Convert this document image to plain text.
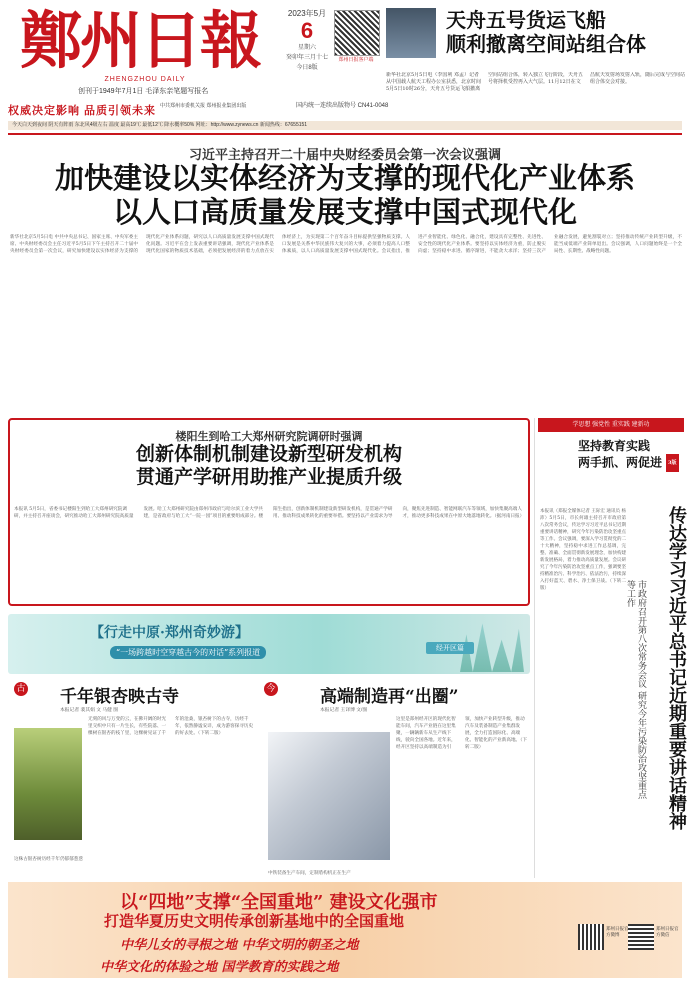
鄭州日報
ZHENGZHOU DAILY
创刊于1949年7月1日 毛泽东亲笔题写报名
2023年5月
6
星期六
癸卯年三月十七
今日8版
郑州日报客户端
天舟五号货运飞船
顺利撤离空间站组合体
新华社北京5月5日电（李国利 邓孟）记者从中国载人航天工程办公室获悉，北京时间5月5日10时26分，天舟五号货运飞船撤离空间站组合体，转入独立飞行阶段，天舟五号将择机受控再入大气层。11月12日在文昌航天发射场发射入轨，随后完成与空间站组合体交会对接。
权威决定影响 品质引领未来 中共郑州市委机关报 郑州报业集团出版	国内统一连续出版物号 CN41-0048
今天白天到夜间 阴天有阵雨 东北风4级左右 温度 最高19℃ 最低12℃ 降水概率50% 网址：http://www.zynews.cn 新闻热线：67655151
习近平主持召开二十届中央财经委员会第一次会议强调
加快建设以实体经济为支撑的现代化产业体系
以人口高质量发展支撑中国式现代化
新华社北京5月5日电 中共中央总书记、国家主席、中央军委主席、中央财经委员会主任习近平5月5日下午主持召开二十届中央财经委员会第一次会议，研究加快建设以实体经济为支撑的现代化产业体系问题，研究以人口高质量发展支撑中国式现代化问题。习近平在会上发表重要讲话强调，现代化产业体系是现代化国家的物质技术基础，必须把发展经济的着力点放在实体经济上，为实现第二个百年奋斗目标提供坚强物质支撑。人口发展是关系中华民族伟大复兴的大事，必须着力提高人口整体素质，以人口高质量发展支撑中国式现代化。会议指出，推进产业智能化、绿色化、融合化，建设具有完整性、先进性、安全性的现代化产业体系。要坚持以实体经济为重，防止脱实向虚；坚持稳中求进、循序渐进，不能贪大求洋；坚持三次产业融合发展，避免割裂对立；坚持推动传统产业转型升级，不能当成低端产业简单退出。会议强调，人口问题始终是一个全局性、长期性、战略性问题。
楼阳生到哈工大郑州研究院调研时强调
创新体制机制建设新型研发机构
贯通产学研用助推产业提质升级
本报讯 5月5日，省委书记楼阳生到哈工大郑州研究院调研，并主持召开座谈会，研究推动哈工大郑州研究院高质量发展。哈工大郑州研究院由郑州市政府与哈尔滨工业大学共建，是省政府与哈工大“一院一园”项目的重要组成部分。楼阳生指出，创新体制机制建设新型研发机构，是贯通产学研用、推动科技成果转化的重要举措。要坚持以产业需求为导向，聚焦先进制造、智能网联汽车等领域，加快集聚高端人才，推动更多科技成果在中原大地落地转化。（据河南日报）
学思想 强党性 重实践 建新功
坚持教育实践
两手抓、两促进 3版
传达学习习近平总书记近期重要讲话精神
市政府召开第八次常务会议 研究今年污染防治攻坚重点等工作
本报讯（郑报全媒体记者 王际宏 通讯员 杨沛）5月5日，市长何雄主持召开市政府第八次常务会议，传达学习习近平总书记近期重要讲话精神，研究今年污染防治攻坚重点等工作。会议强调，要深入学习贯彻党的二十大精神，坚持稳中求进工作总基调，完整、准确、全面贯彻新发展理念，加快构建新发展格局，着力推动高质量发展。会议研究了今年污染防治攻坚重点工作，强调要坚持精准治污、科学治污、依法治污，持续深入打好蓝天、碧水、净土保卫战。（下转二版）
【行走中原·郑州奇妙游】
“一场跨越时空穿越古今的对话”系列报道	经开区篇
古 千年银杏映古寺
本报记者 裴其娟 文 马健 图
无刻的风与万变的云，在佛开阔的时光里交织中只有一片生长，有些院落、一棵树在银杏的枝丫里，这棵树见证了千年的沧桑，银杏树下的古寺，历经千年，依然静谧安详，成为游客探寻历史的好去处。（下转二版）
这株古银杏树历经千年仍郁郁葱葱
今	高端制造再“出圈”
本报记者 王译博 文/图
这里是郑州经开区的现代化智能车间，汽车产业链在这里集聚，一辆辆新车从生产线下线，驶向全国各地。近年来，经开区坚持以高端制造为引领，加快产业转型升级，推动汽车及装备制造产业集群发展，全力打造国际化、高端化、智能化的产业新高地。（下转二版）
中铁装备生产车间，定制盾构机正在生产
以“四地”支撑“全国重地” 建设文化强市
打造华夏历史文明传承创新基地中的全国重地
中华儿女的寻根之地 中华文明的朝圣之地
中华文化的体验之地 国学教育的实践之地
郑州日报官方微博
郑州日报官方微信
